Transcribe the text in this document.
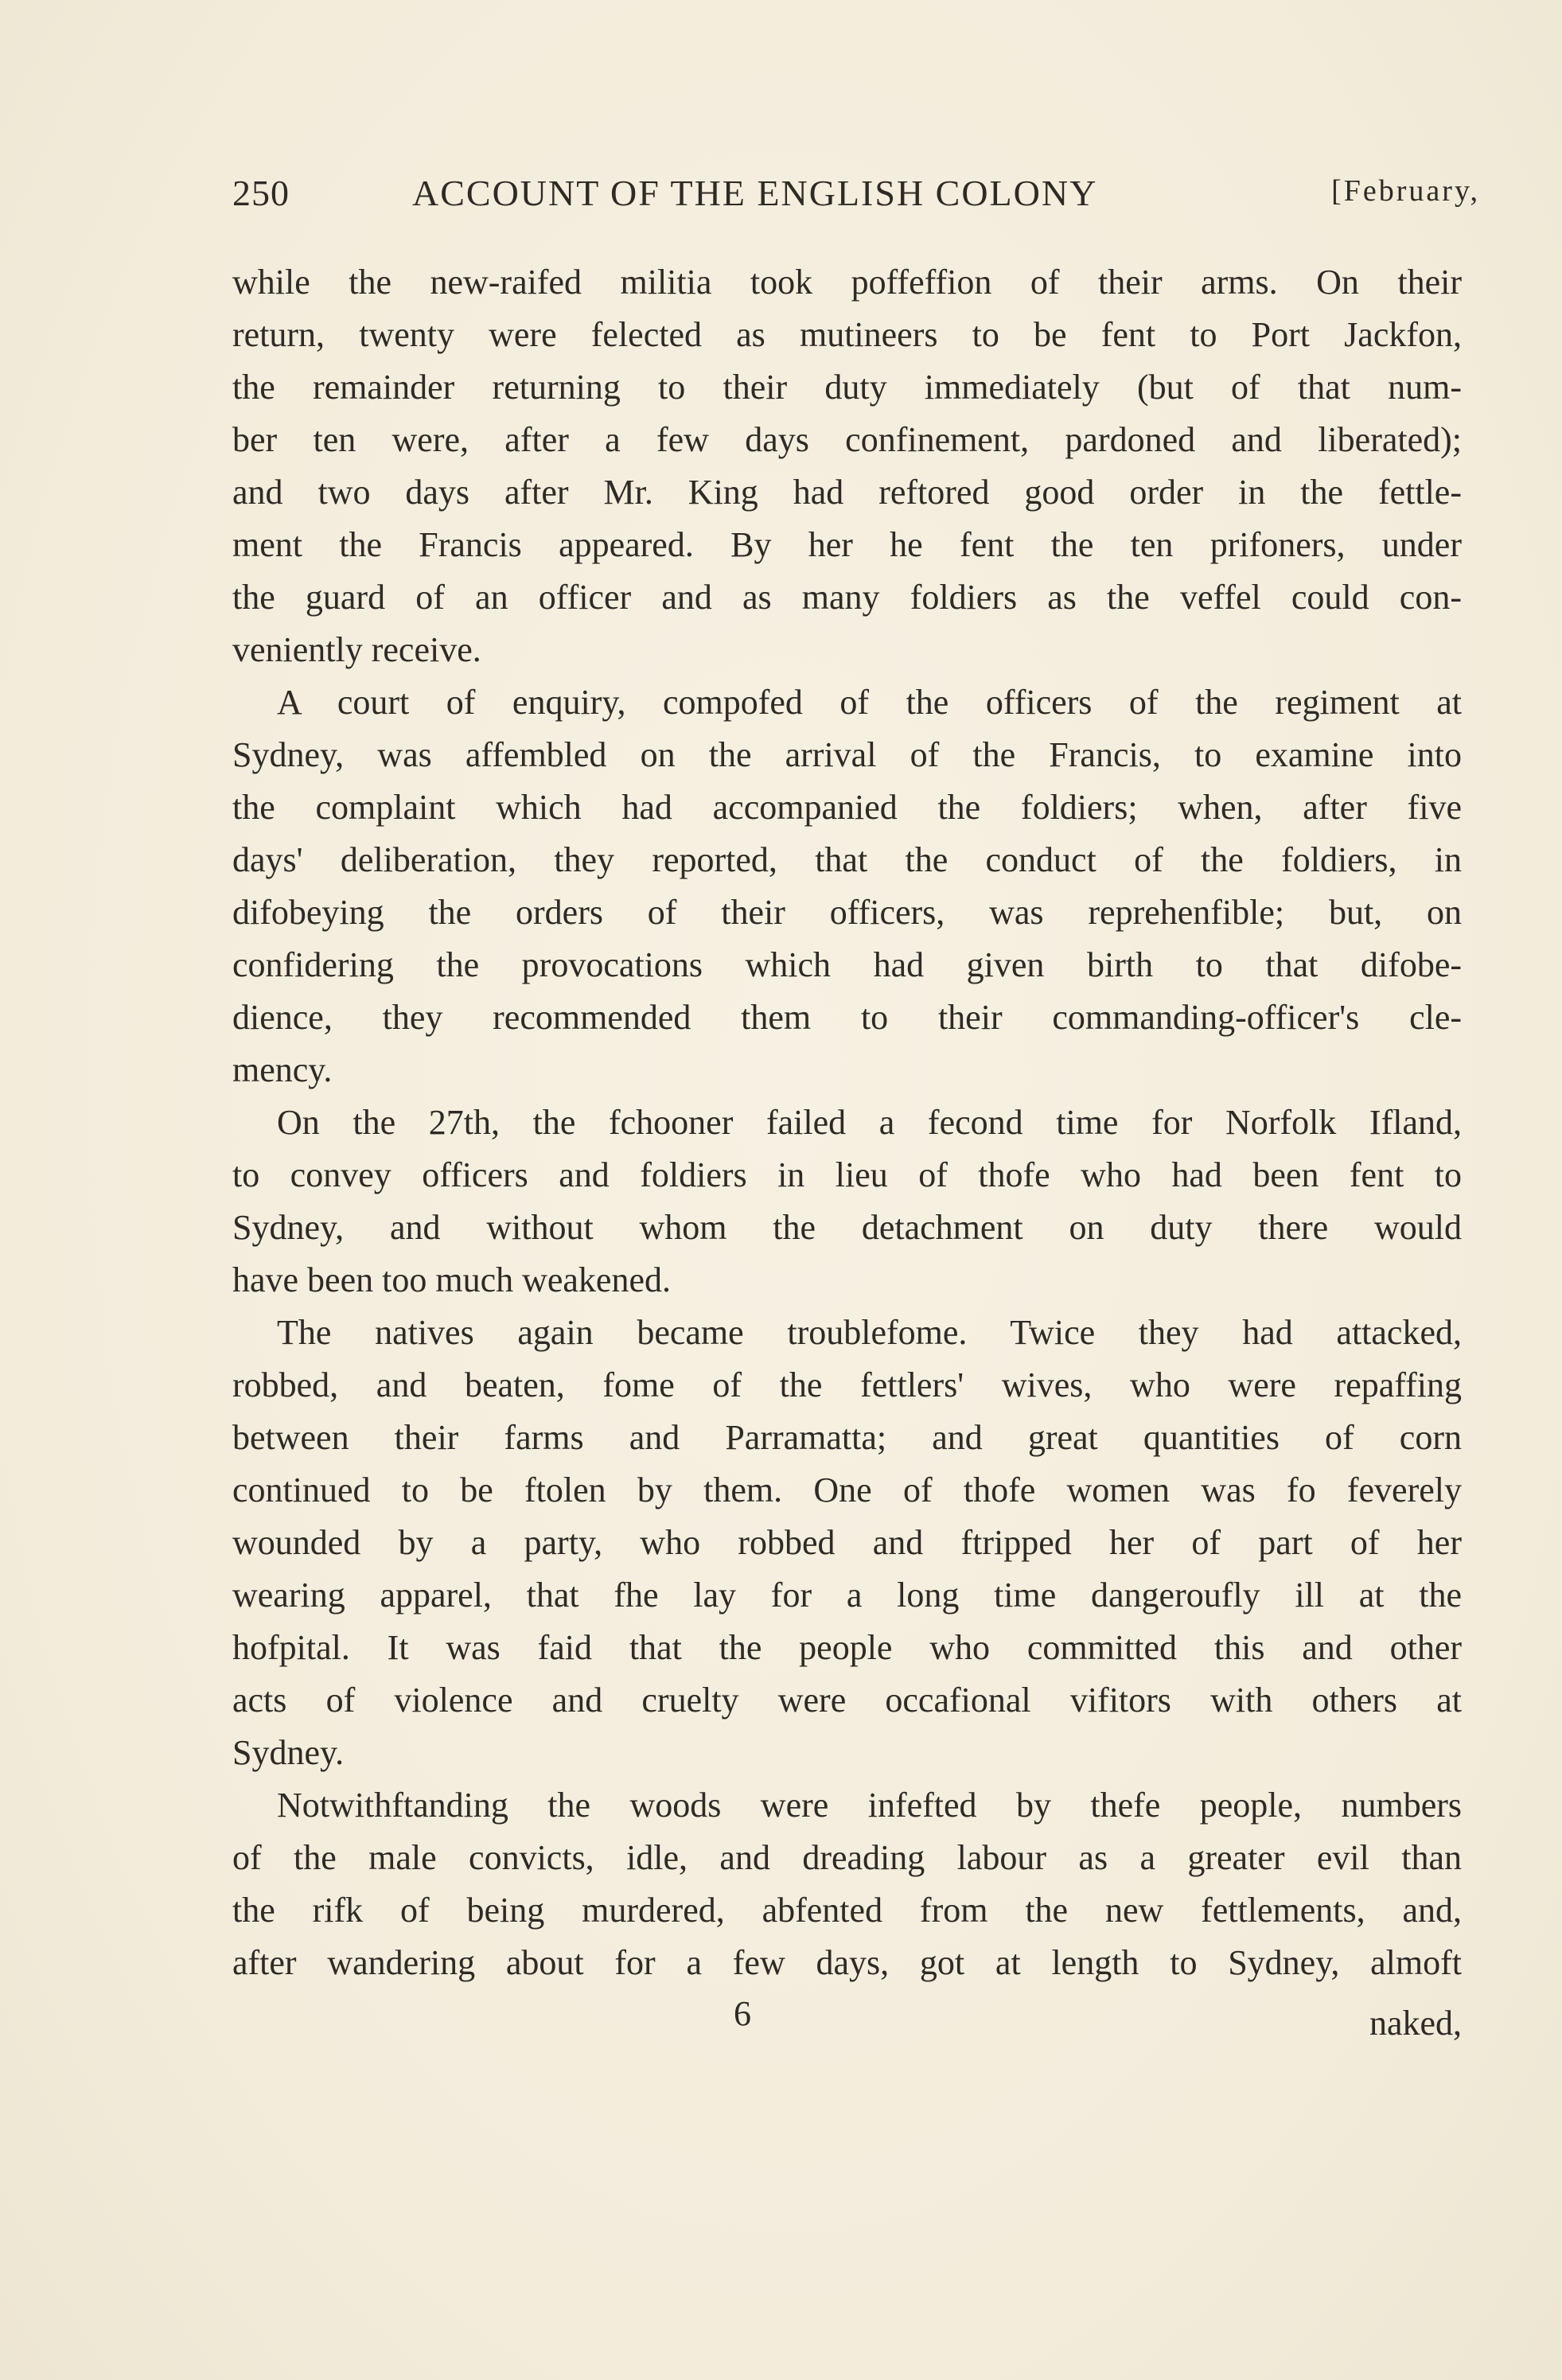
250	ACCOUNT OF THE ENGLISH COLONY	[February,
while the new-raifed militia took poffeffion of their arms. On their
return, twenty were felected as mutineers to be fent to Port Jackfon,
the remainder returning to their duty immediately (but of that num-
ber ten were, after a few days confinement, pardoned and liberated);
and two days after Mr. King had reftored good order in the fettle-
ment the Francis appeared. By her he fent the ten prifoners, under
the guard of an officer and as many foldiers as the veffel could con-
veniently receive.
A court of enquiry, compofed of the officers of the regiment at
Sydney, was affembled on the arrival of the Francis, to examine into
the complaint which had accompanied the foldiers; when, after five
days' deliberation, they reported, that the conduct of the foldiers, in
difobeying the orders of their officers, was reprehenfible; but, on
confidering the provocations which had given birth to that difobe-
dience, they recommended them to their commanding-officer's cle-
mency.
On the 27th, the fchooner failed a fecond time for Norfolk Ifland,
to convey officers and foldiers in lieu of thofe who had been fent to
Sydney, and without whom the detachment on duty there would
have been too much weakened.
The natives again became troublefome. Twice they had attacked,
robbed, and beaten, fome of the fettlers' wives, who were repaffing
between their farms and Parramatta; and great quantities of corn
continued to be ftolen by them. One of thofe women was fo feverely
wounded by a party, who robbed and ftripped her of part of her
wearing apparel, that fhe lay for a long time dangeroufly ill at the
hofpital. It was faid that the people who committed this and other
acts of violence and cruelty were occafional vifitors with others at
Sydney.
Notwithftanding the woods were infefted by thefe people, numbers
of the male convicts, idle, and dreading labour as a greater evil than
the rifk of being murdered, abfented from the new fettlements, and,
after wandering about for a few days, got at length to Sydney, almoft
6	naked,
